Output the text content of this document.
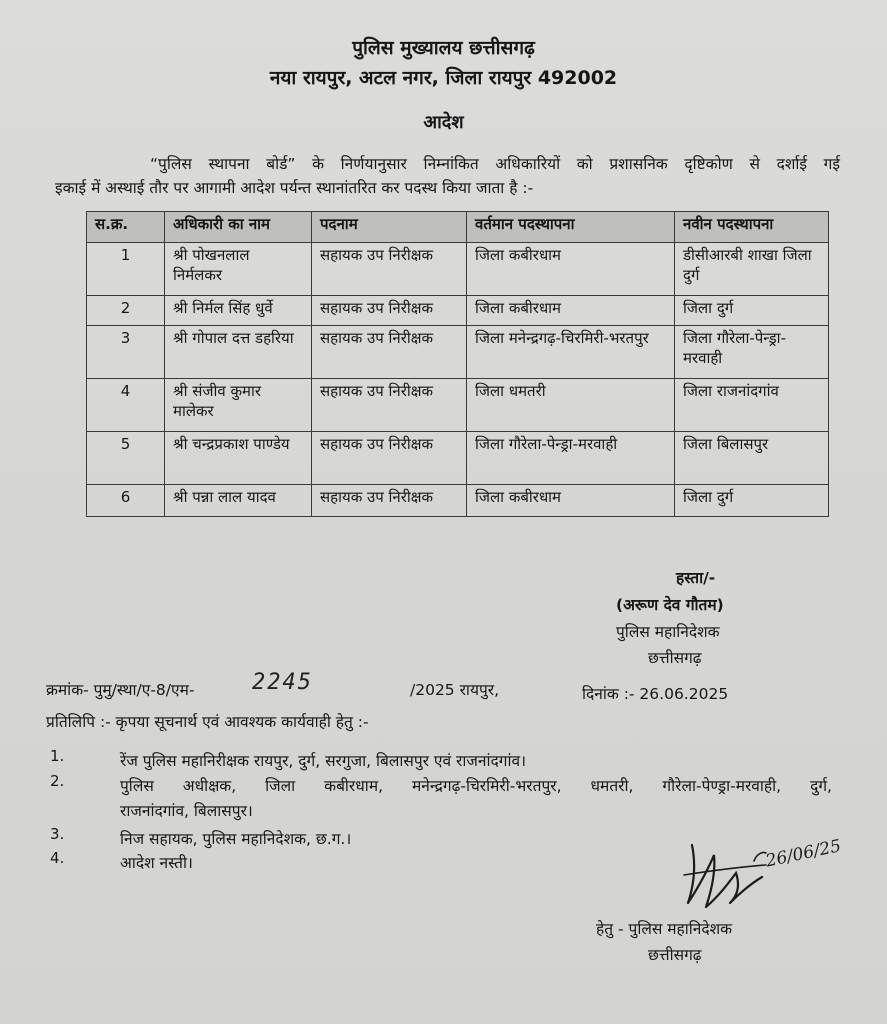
पुलिस मुख्यालय छत्तीसगढ़
नया रायपुर, अटल नगर, जिला रायपुर 492002
आदेश
“पुलिस स्थापना बोर्ड” के निर्णयानुसार निम्नांकित अधिकारियों को प्रशासनिक दृष्टिकोण से दर्शाई गई
इकाई में अस्थाई तौर पर आगामी आदेश पर्यन्त स्थानांतरित कर पदस्थ किया जाता है :-
स.क्र.	अधिकारी का नाम	पदनाम	वर्तमान पदस्थापना	नवीन पदस्थापना
1	श्री पोखनलाल निर्मलकर	सहायक उप निरीक्षक	जिला कबीरधाम	डीसीआरबी शाखा जिला दुर्ग
2	श्री निर्मल सिंह धुर्वे	सहायक उप निरीक्षक	जिला कबीरधाम	जिला दुर्ग
3	श्री गोपाल दत्त डहरिया	सहायक उप निरीक्षक	जिला मनेन्द्रगढ़-चिरमिरी-भरतपुर	जिला गौरेला-पेन्ड्रा-मरवाही
4	श्री संजीव कुमार मालेकर	सहायक उप निरीक्षक	जिला धमतरी	जिला राजनांदगांव
5	श्री चन्द्रप्रकाश पाण्डेय	सहायक उप निरीक्षक	जिला गौरेला-पेन्ड्रा-मरवाही	जिला बिलासपुर
6	श्री पन्ना लाल यादव	सहायक उप निरीक्षक	जिला कबीरधाम	जिला दुर्ग
हस्ता/-
(अरूण देव गौतम)
पुलिस महानिदेशक
छत्तीसगढ़
क्रमांक- पुमु/स्था/ए-8/एम-	2245	/2025 रायपुर,	दिनांक :- 26.06.2025
प्रतिलिपि :- कृपया सूचनार्थ एवं आवश्यक कार्यवाही हेतु :-
1.	रेंज पुलिस महानिरीक्षक रायपुर, दुर्ग, सरगुजा, बिलासपुर एवं राजनांदगांव।
2.	पुलिस अधीक्षक, जिला कबीरधाम, मनेन्द्रगढ़-चिरमिरी-भरतपुर, धमतरी, गौरेला-पेण्ड्रा-मरवाही, दुर्ग,
राजनांदगांव, बिलासपुर।
3.	निज सहायक, पुलिस महानिदेशक, छ.ग.।
4.	आदेश नस्ती।	26/06/25
हेतु - पुलिस महानिदेशक
छत्तीसगढ़
